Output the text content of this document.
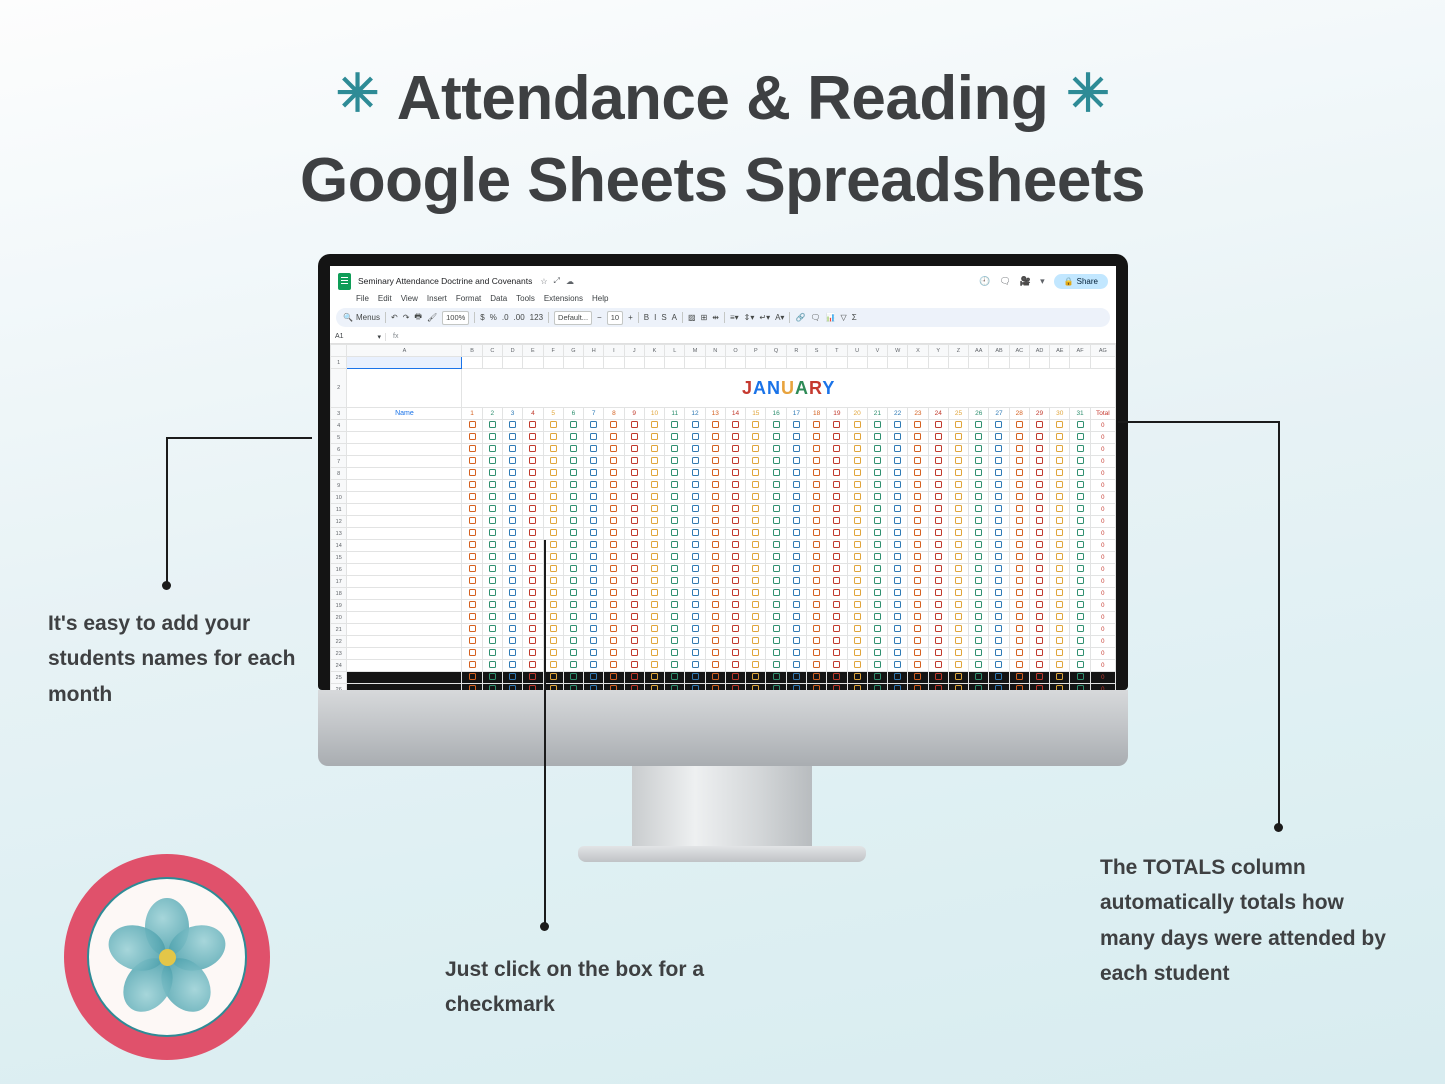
✳ Attendance & Reading ✳
Google Sheets Spreadsheets
Seminary Attendance Doctrine and Covenants ☆ ⤢ ☁	🕘 🗨 🎥 ▾ 🔒 Share
File Edit View Insert Format Data Tools Extensions Help
🔍 Menus ↶ ↷ 🖶 🖌	100%	$ % .0 .00 123	Default...	−	10	+ B I S A ▨ ⊞ ⇹ ≡▾ ⇕▾ ↵▾ A▾ 🔗 🗨 📊 ▽ Σ
A1	▾	fx
	A	B	C	D	E	F	G	H	I	J	K	L	M	N	O	P	Q	R	S	T	U	V	W	X	Y	Z	AA	AB	AC	AD	AE	AF	AG
1																																	
2		JANUARY																															

3	Name	1	2	3	4	5	6	7	8	9	10	11	12	13	14	15	16	17	18	19	20	21	22	23	24	25	26	27	28	29	30	31	Total
4																																	0
5																																	0
6																																	0
7																																	0
8																																	0
9																																	0
10																																	0
11																																	0
12																																	0
13																																	0
14																																	0
15																																	0
16																																	0
17																																	0
18																																	0
19																																	0
20																																	0
21																																	0
22																																	0
23																																	0
24																																	0
25																																	0

It's easy to add your students names for each month
Just click on the box for a checkmark
The TOTALS column automatically totals how many days were attended by each student
